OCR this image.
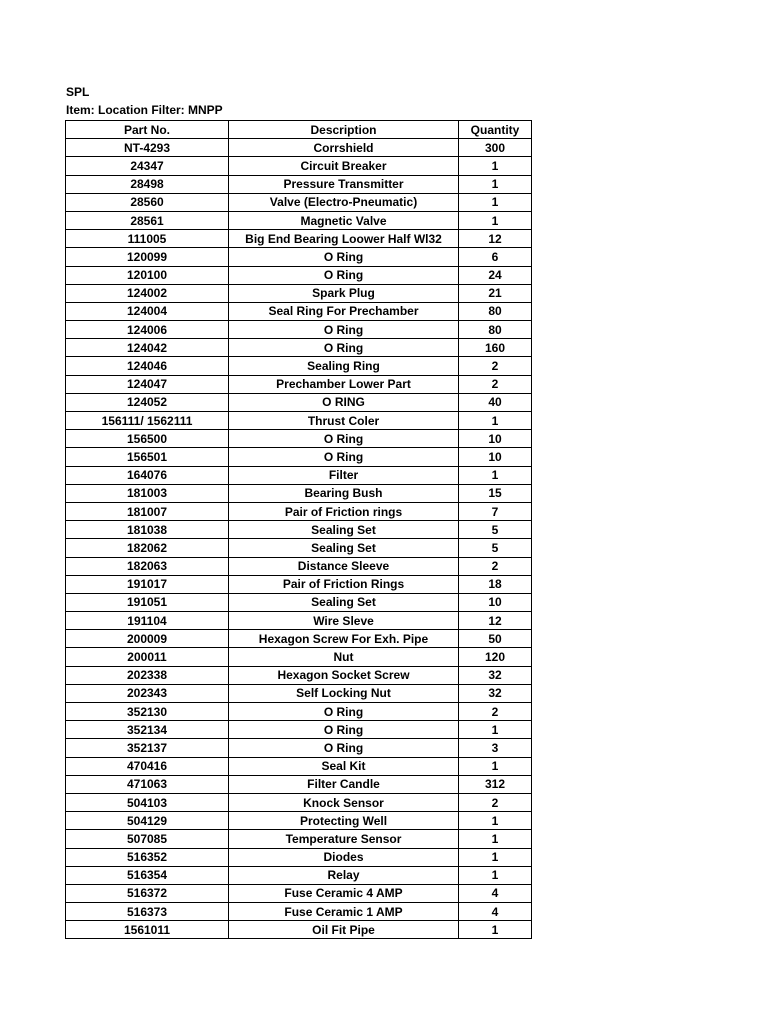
SPL
Item: Location Filter: MNPP
Part No.	Description	Quantity
NT-4293	Corrshield	300
24347	Circuit Breaker	1
28498	Pressure Transmitter	1
28560	Valve (Electro-Pneumatic)	1
28561	Magnetic Valve	1
111005	Big End Bearing Loower Half Wl32	12
120099	O Ring	6
120100	O Ring	24
124002	Spark Plug	21
124004	Seal Ring For Prechamber	80
124006	O Ring	80
124042	O Ring	160
124046	Sealing Ring	2
124047	Prechamber Lower Part	2
124052	O RING	40
156111/ 1562111	Thrust Coler	1
156500	O Ring	10
156501	O Ring	10
164076	Filter	1
181003	Bearing Bush	15
181007	Pair of Friction rings	7
181038	Sealing Set	5
182062	Sealing Set	5
182063	Distance Sleeve	2
191017	Pair of Friction Rings	18
191051	Sealing Set	10
191104	Wire Sleve	12
200009	Hexagon Screw For Exh. Pipe	50
200011	Nut	120
202338	Hexagon Socket Screw	32
202343	Self Locking Nut	32
352130	O Ring	2
352134	O Ring	1
352137	O Ring	3
470416	Seal Kit	1
471063	Filter Candle	312
504103	Knock Sensor	2
504129	Protecting Well	1
507085	Temperature Sensor	1
516352	Diodes	1
516354	Relay	1
516372	Fuse Ceramic 4 AMP	4
516373	Fuse Ceramic 1 AMP	4
1561011	Oil Fit Pipe	1
